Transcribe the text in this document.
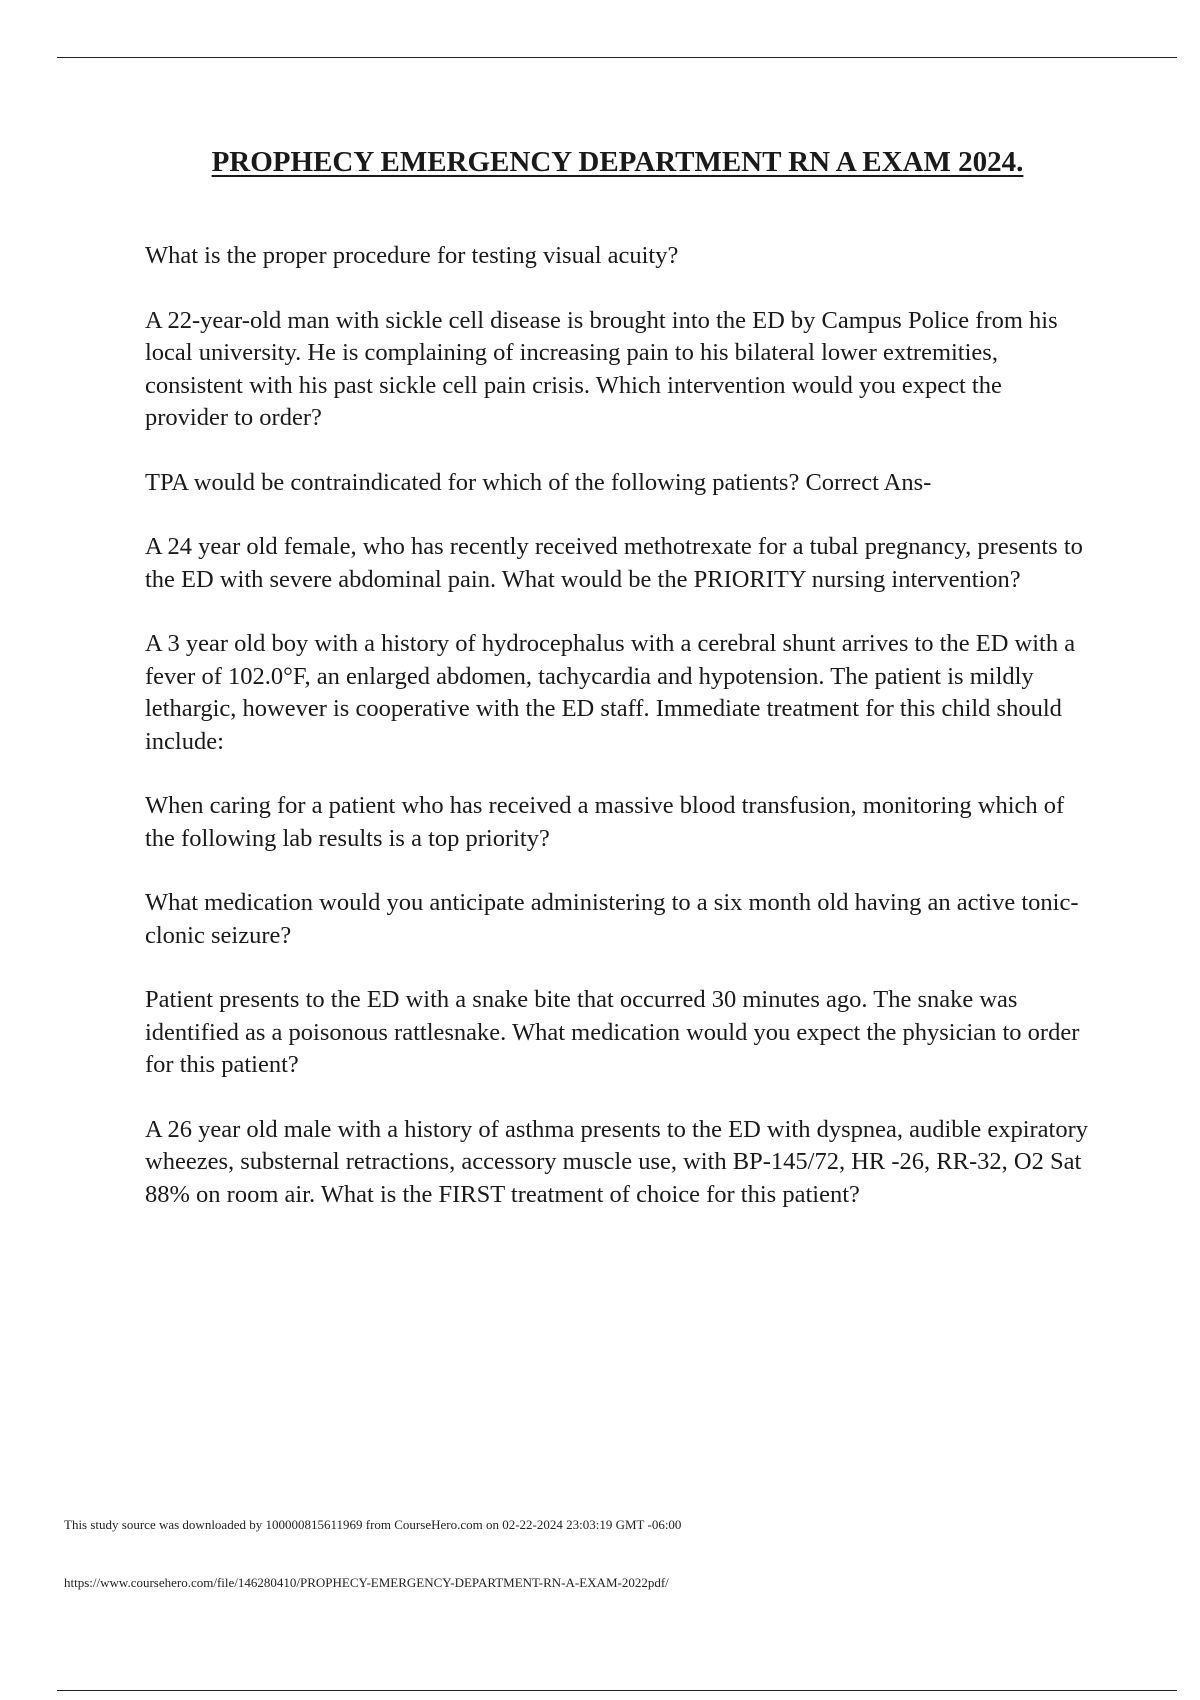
PROPHECY EMERGENCY DEPARTMENT RN A EXAM 2024.
What is the proper procedure for testing visual acuity?
A 22-year-old man with sickle cell disease is brought into the ED by Campus Police from his local university. He is complaining of increasing pain to his bilateral lower extremities, consistent with his past sickle cell pain crisis. Which intervention would you expect the provider to order?
TPA would be contraindicated for which of the following patients? Correct Ans-
A 24 year old female, who has recently received methotrexate for a tubal pregnancy, presents to the ED with severe abdominal pain. What would be the PRIORITY nursing intervention?
A 3 year old boy with a history of hydrocephalus with a cerebral shunt arrives to the ED with a fever of 102.0°F, an enlarged abdomen, tachycardia and hypotension. The patient is mildly lethargic, however is cooperative with the ED staff. Immediate treatment for this child should include:
When caring for a patient who has received a massive blood transfusion, monitoring which of the following lab results is a top priority?
What medication would you anticipate administering to a six month old having an active tonic-clonic seizure?
Patient presents to the ED with a snake bite that occurred 30 minutes ago. The snake was identified as a poisonous rattlesnake. What medication would you expect the physician to order for this patient?
A 26 year old male with a history of asthma presents to the ED with dyspnea, audible expiratory wheezes, substernal retractions, accessory muscle use, with BP-145/72, HR -26, RR-32, O2 Sat 88% on room air. What is the FIRST treatment of choice for this patient?
This study source was downloaded by 100000815611969 from CourseHero.com on 02-22-2024 23:03:19 GMT -06:00
https://www.coursehero.com/file/146280410/PROPHECY-EMERGENCY-DEPARTMENT-RN-A-EXAM-2022pdf/
